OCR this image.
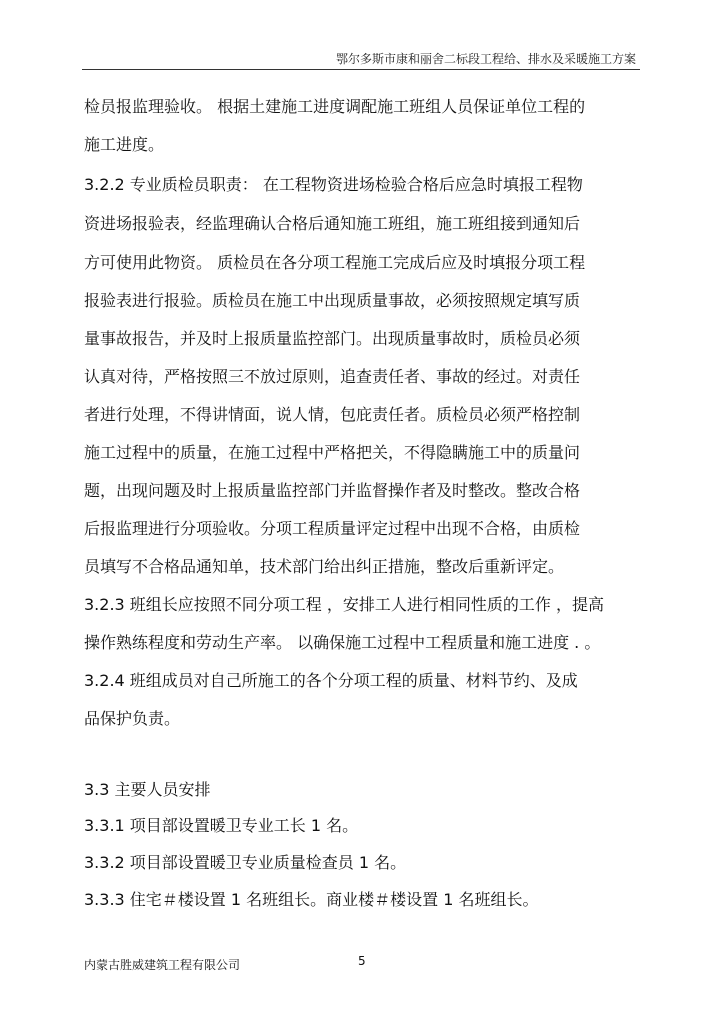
鄂尔多斯市康和丽舍二标段工程给、排水及采暖施工方案
检员报监理验收。 根据土建施工进度调配施工班组人员保证单位工程的
施工进度。
3.2.2 专业质检员职责： 在工程物资进场检验合格后应急时填报工程物
资进场报验表，经监理确认合格后通知施工班组，施工班组接到通知后
方可使用此物资。 质检员在各分项工程施工完成后应及时填报分项工程
报验表进行报验。质检员在施工中出现质量事故，必须按照规定填写质
量事故报告，并及时上报质量监控部门。出现质量事故时，质检员必须
认真对待，严格按照三不放过原则，追查责任者、事故的经过。对责任
者进行处理，不得讲情面，说人情，包庇责任者。质检员必须严格控制
施工过程中的质量，在施工过程中严格把关，不得隐瞒施工中的质量问
题，出现问题及时上报质量监控部门并监督操作者及时整改。整改合格
后报监理进行分项验收。分项工程质量评定过程中出现不合格，由质检
员填写不合格品通知单，技术部门给出纠正措施，整改后重新评定。
3.2.3 班组长应按照不同分项工程 ，安排工人进行相同性质的工作 ，提高
操作熟练程度和劳动生产率。 以确保施工过程中工程质量和施工进度 . 。
3.2.4 班组成员对自己所施工的各个分项工程的质量、材料节约、及成
品保护负责。
3.3 主要人员安排
3.3.1 项目部设置暖卫专业工长 1 名。
3.3.2 项目部设置暖卫专业质量检查员 1 名。
3.3.3 住宅＃楼设置 1 名班组长。商业楼＃楼设置 1 名班组长。
内蒙古胜威建筑工程有限公司	5
